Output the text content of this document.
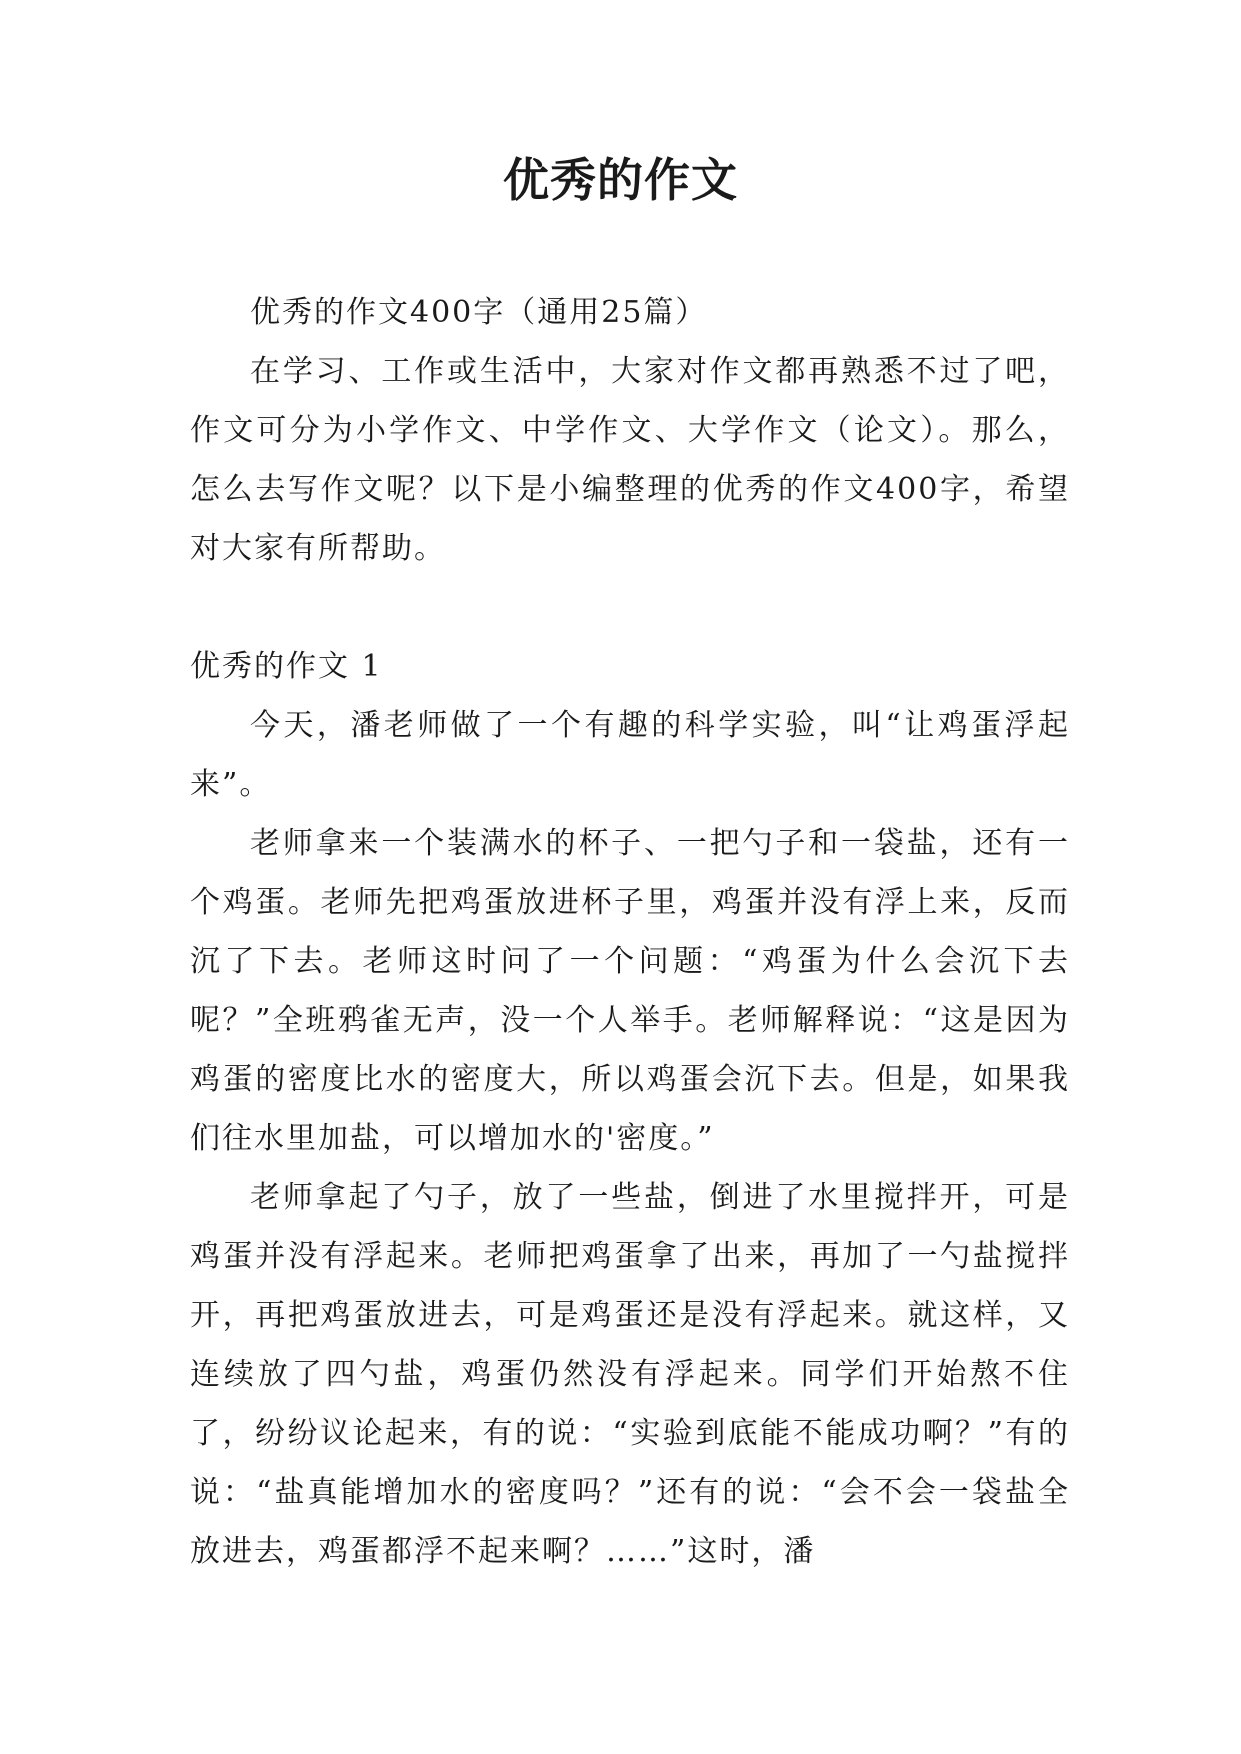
优秀的作文

优秀的作文400字（通用25篇）

在学习、工作或生活中，大家对作文都再熟悉不过了吧，作文可分为小学作文、中学作文、大学作文（论文）。那么，怎么去写作文呢？以下是小编整理的优秀的作文400字，希望对大家有所帮助。

优秀的作文 1

今天，潘老师做了一个有趣的科学实验，叫“让鸡蛋浮起来”。

老师拿来一个装满水的杯子、一把勺子和一袋盐，还有一个鸡蛋。老师先把鸡蛋放进杯子里，鸡蛋并没有浮上来，反而沉了下去。老师这时问了一个问题：“鸡蛋为什么会沉下去呢？”全班鸦雀无声，没一个人举手。老师解释说：“这是因为鸡蛋的密度比水的密度大，所以鸡蛋会沉下去。但是，如果我们往水里加盐，可以增加水的'密度。”

老师拿起了勺子，放了一些盐，倒进了水里搅拌开，可是鸡蛋并没有浮起来。老师把鸡蛋拿了出来，再加了一勺盐搅拌开，再把鸡蛋放进去，可是鸡蛋还是没有浮起来。就这样，又连续放了四勺盐，鸡蛋仍然没有浮起来。同学们开始熬不住了，纷纷议论起来，有的说：“实验到底能不能成功啊？”有的说：“盐真能增加水的密度吗？”还有的说：“会不会一袋盐全放进去，鸡蛋都浮不起来啊？……”这时，潘
